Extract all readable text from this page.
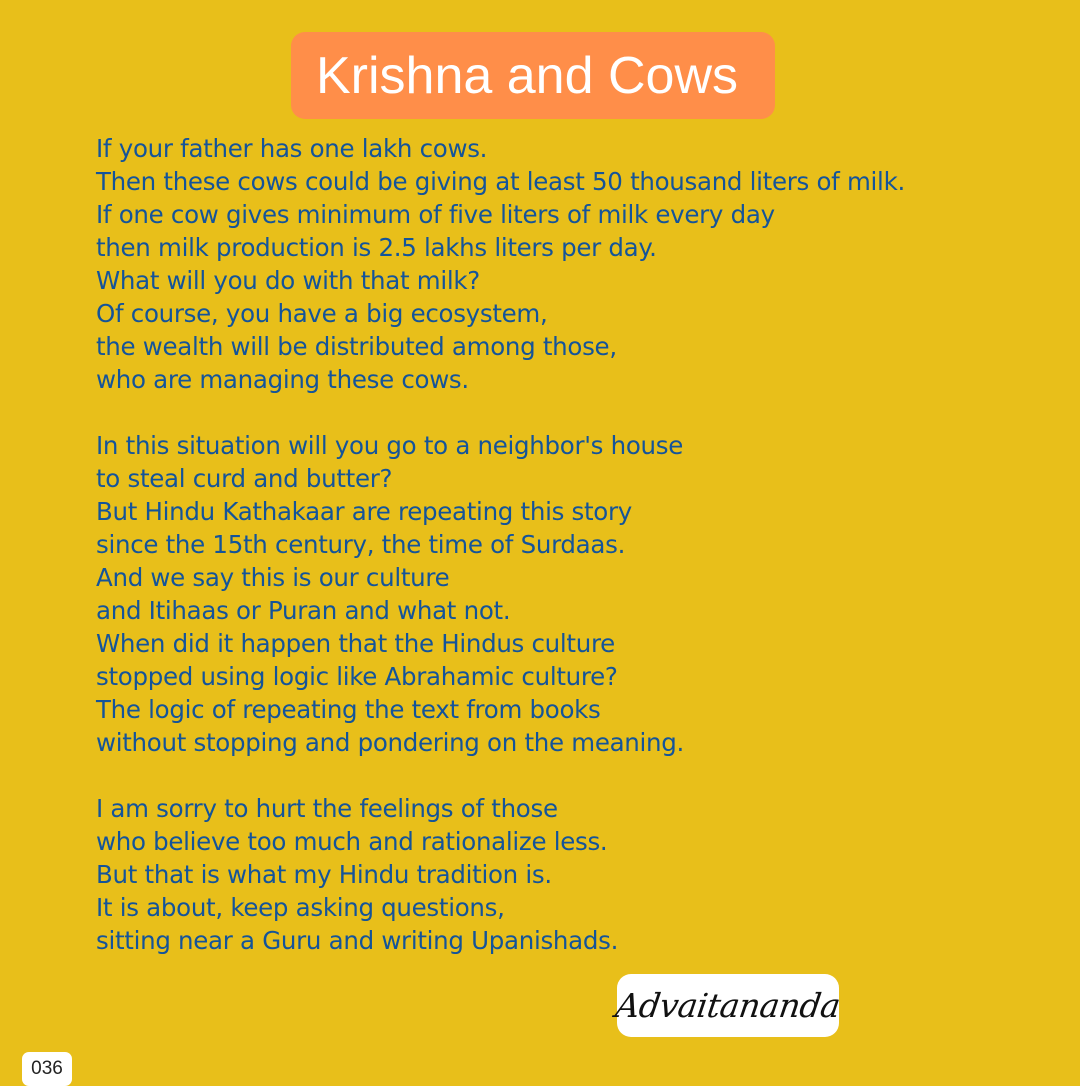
Krishna and Cows
If your father has one lakh cows.
Then these cows could be giving at least 50 thousand liters of milk.
If one cow gives minimum of five liters of milk every day
then milk production is 2.5 lakhs liters per day.
What will you do with that milk?
Of course, you have a big ecosystem,
the wealth will be distributed among those,
who are managing these cows.
In this situation will you go to a neighbor's house
to steal curd and butter?
But Hindu Kathakaar are repeating this story
since the 15th century, the time of Surdaas.
And we say this is our culture
and Itihaas or Puran and what not.
When did it happen that the Hindus culture
stopped using logic like Abrahamic culture?
The logic of repeating the text from books
without stopping and pondering on the meaning.
I am sorry to hurt the feelings of those
who believe too much and rationalize less.
But that is what my Hindu tradition is.
It is about, keep asking questions,
sitting near a Guru and writing Upanishads.
Advaitananda
036
